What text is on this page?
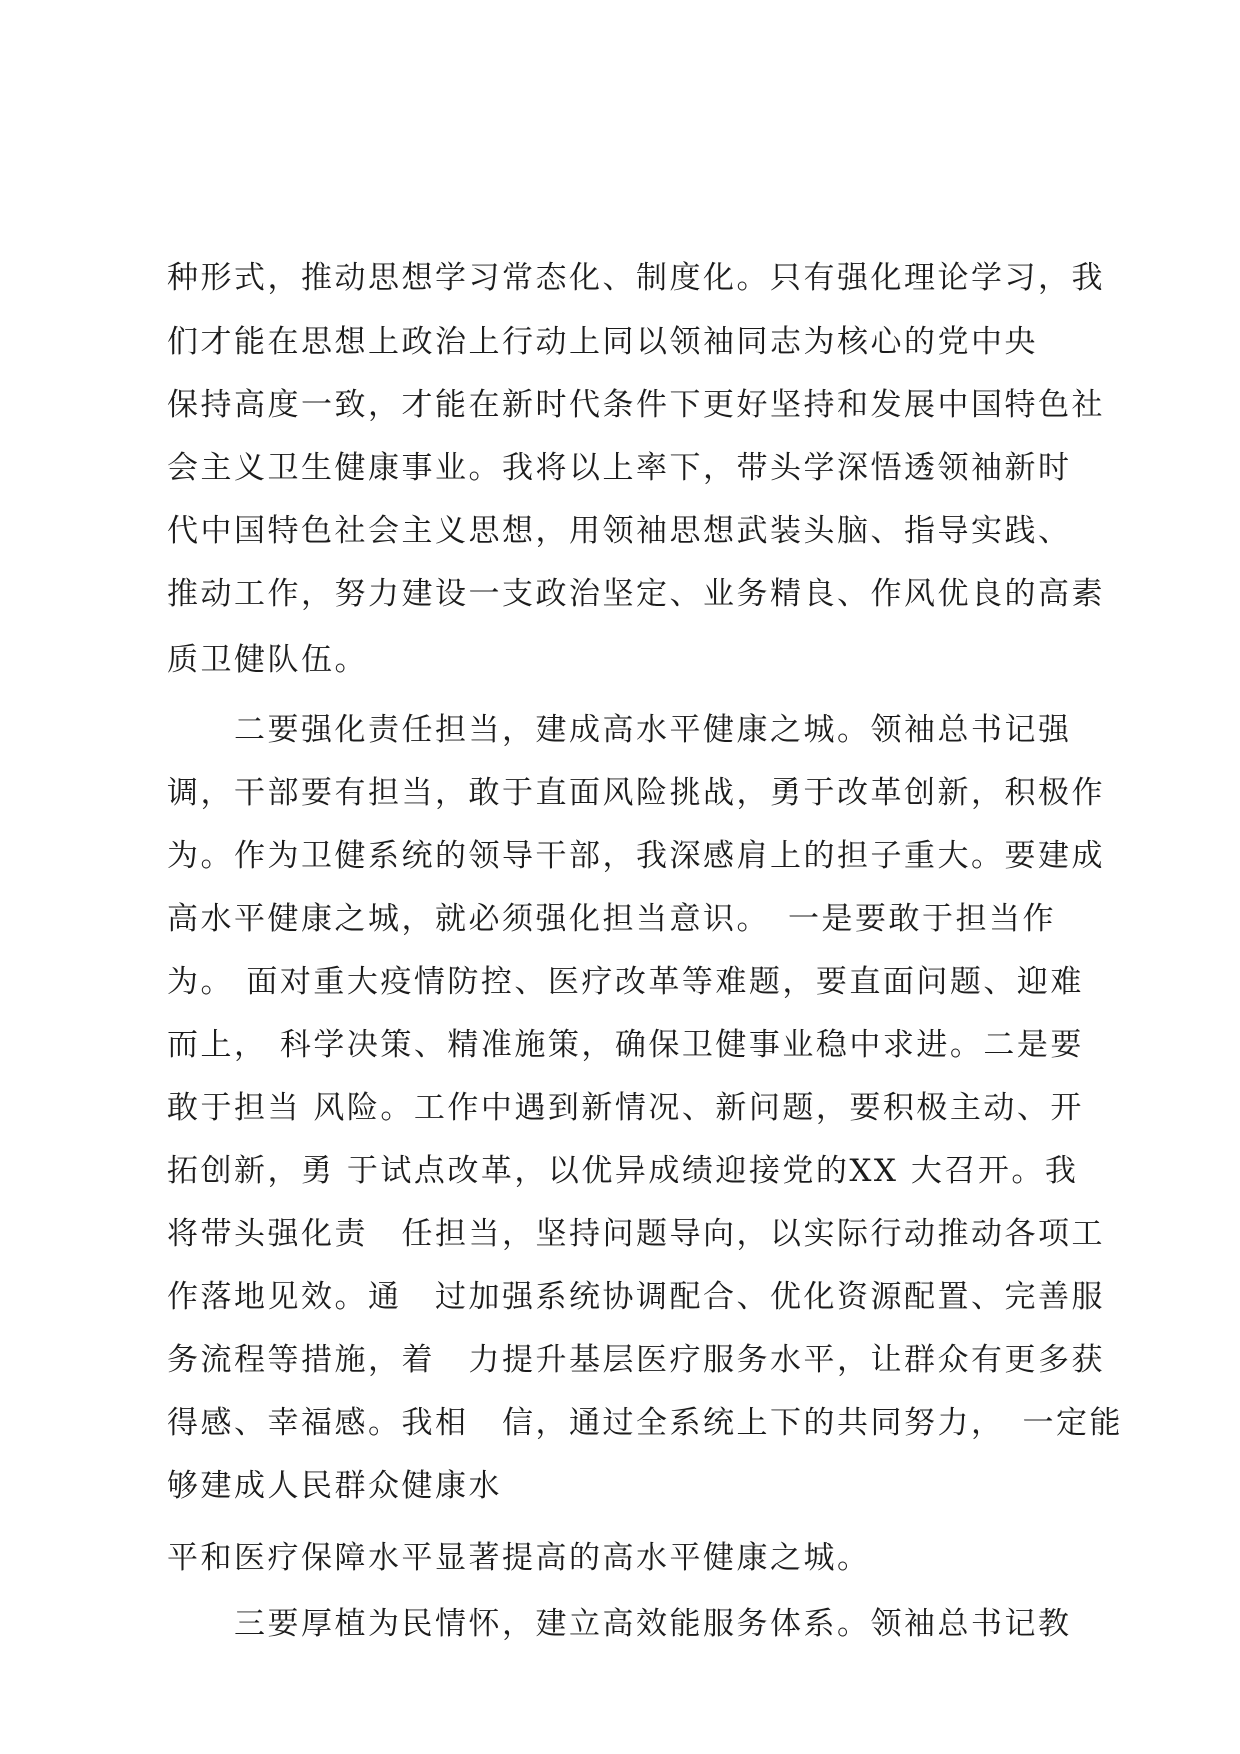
种形式，推动思想学习常态化、制度化。只有强化理论学习，我
们才能在思想上政治上行动上同以领袖同志为核心的党中央
保持高度一致，才能在新时代条件下更好坚持和发展中国特色社
会主义卫生健康事业。我将以上率下，带头学深悟透领袖新时
代中国特色社会主义思想，用领袖思想武装头脑、指导实践、
推动工作，努力建设一支政治坚定、业务精良、作风优良的高素
质卫健队伍。
　　二要强化责任担当，建成高水平健康之城。领袖总书记强
调，干部要有担当，敢于直面风险挑战，勇于改革创新，积极作
为。作为卫健系统的领导干部，我深感肩上的担子重大。要建成
高水平健康之城，就必须强化担当意识。　一是要敢于担当作
为。 面对重大疫情防控、医疗改革等难题，要直面问题、迎难
而上， 科学决策、精准施策，确保卫健事业稳中求进。二是要
敢于担当 风险。工作中遇到新情况、新问题，要积极主动、开
拓创新，勇 于试点改革，以优异成绩迎接党的XX 大召开。我
将带头强化责　任担当，坚持问题导向，以实际行动推动各项工
作落地见效。通　过加强系统协调配合、优化资源配置、完善服
务流程等措施，着　力提升基层医疗服务水平，让群众有更多获
得感、幸福感。我相　信，通过全系统上下的共同努力，　一定能
够建成人民群众健康水
平和医疗保障水平显著提高的高水平健康之城。
　　三要厚植为民情怀，建立高效能服务体系。领袖总书记教
